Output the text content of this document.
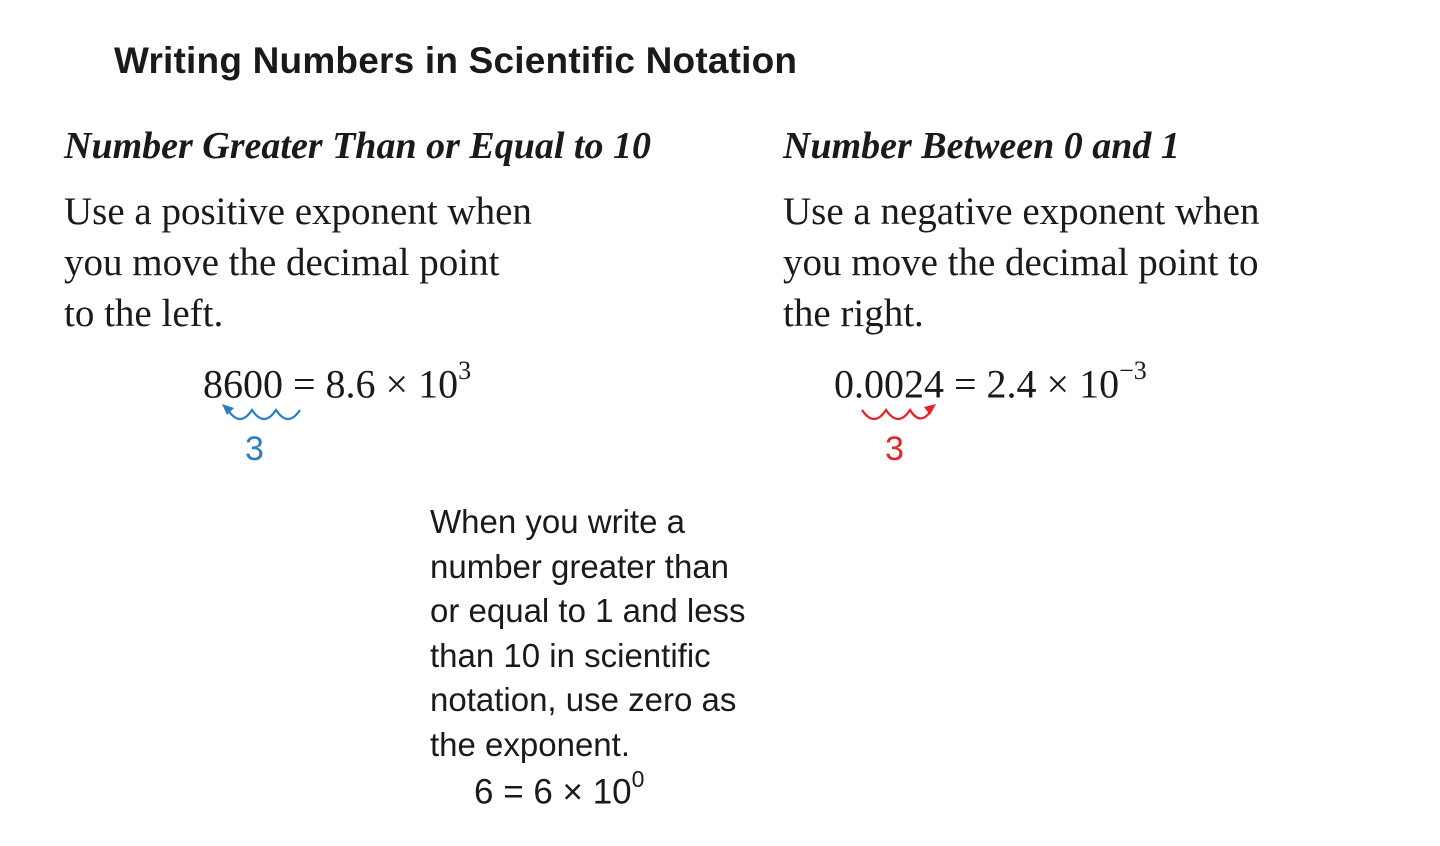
Writing Numbers in Scientific Notation
Number Greater Than or Equal to 10
Use a positive exponent when
you move the decimal point
to the left.
$8600 = 8.6 \times 10^3$
3
Number Between 0 and 1
Use a negative exponent when
you move the decimal point to
the right.
$0.0024 = 2.4 \times 10^{-3}$
3
When you write a
number greater than
or equal to 1 and less
than 10 in scientific
notation, use zero as
the exponent.
$6 = 6 \times 10^0$
